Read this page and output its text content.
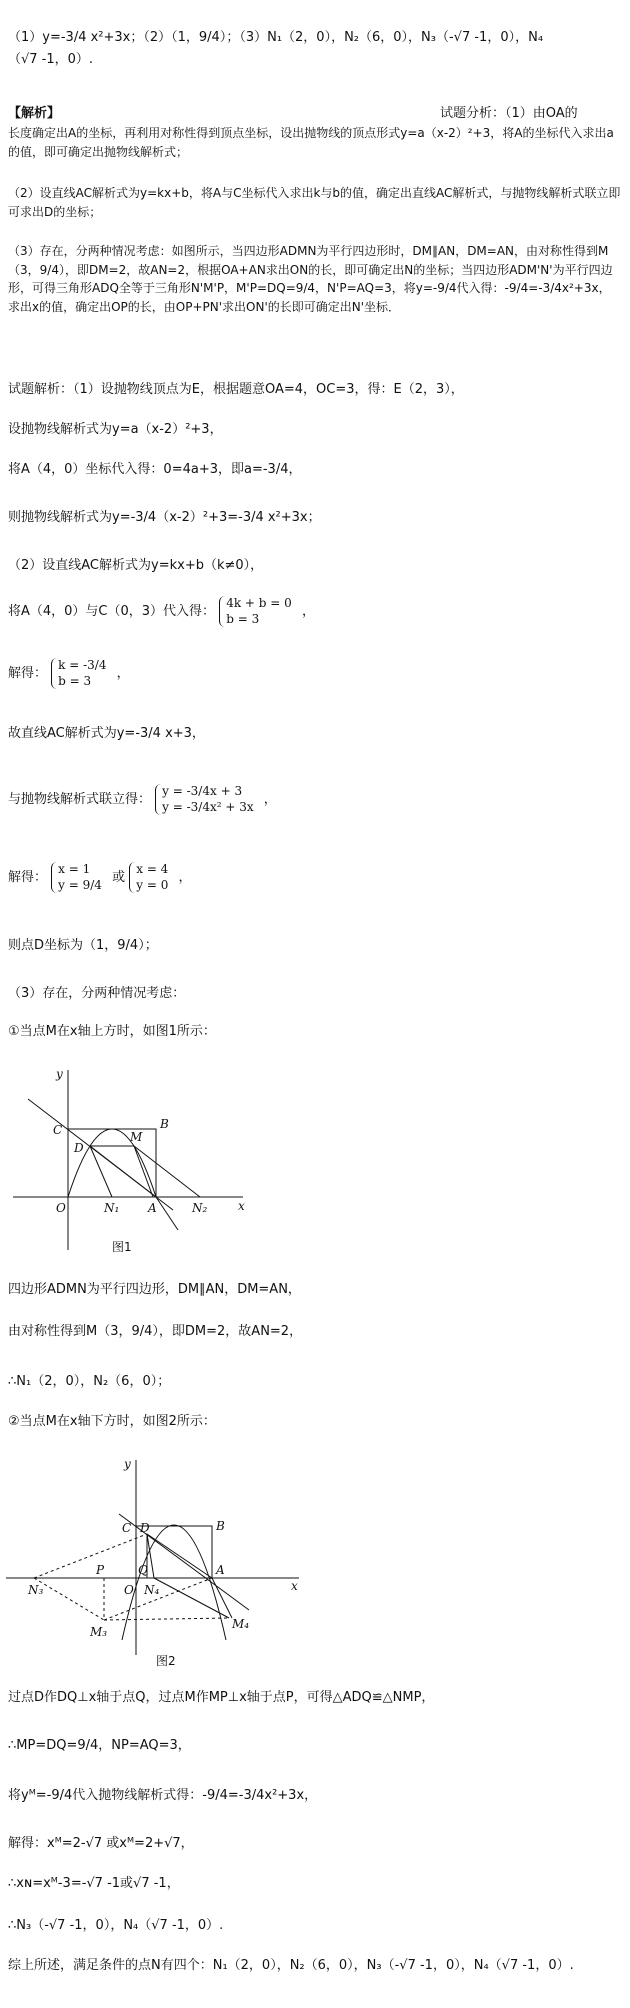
（1）y=-3/4 x²+3x；（2）（1，9/4）；（3）N₁（2，0），N₂（6，0），N₃（-√7 -1，0），N₄
（√7 -1，0）.
【解析】	试题分析：（1）由OA的
长度确定出A的坐标，再利用对称性得到顶点坐标，设出抛物线的顶点形式y=a（x-2）²+3，将A的坐标代入求出a的值，即可确定出抛物线解析式；
（2）设直线AC解析式为y=kx+b，将A与C坐标代入求出k与b的值，确定出直线AC解析式，与抛物线解析式联立即可求出D的坐标；
（3）存在，分两种情况考虑：如图所示，当四边形ADMN为平行四边形时，DM∥AN，DM=AN，由对称性得到M（3，9/4），即DM=2，故AN=2，根据OA+AN求出ON的长，即可确定出N的坐标；当四边形ADM'N'为平行四边形，可得三角形ADQ全等于三角形N'M'P，M'P=DQ=9/4，N'P=AQ=3，将y=-9/4代入得：-9/4=-3/4x²+3x，求出x的值，确定出OP的长，由OP+PN'求出ON'的长即可确定出N'坐标．
试题解析：（1）设抛物线顶点为E，根据题意OA=4，OC=3，得：E（2，3），
设抛物线解析式为y=a（x-2）²+3，
将A（4，0）坐标代入得：0=4a+3，即a=-3/4，
则抛物线解析式为y=-3/4（x-2）²+3=-3/4 x²+3x；
（2）设直线AC解析式为y=kx+b（k≠0），
将A（4，0）与C（0，3）代入得：
4k + b = 0
b = 3	，
解得：
k = -3/4
b = 3	，
故直线AC解析式为y=-3/4 x+3，
与抛物线解析式联立得：
y = -3/4x + 3
y = -3/4x² + 3x ，
解得：
x = 1
y = 9/4 或
x = 4
y = 0 ，
则点D坐标为（1，9/4）；
（3）存在，分两种情况考虑：
①当点M在x轴上方时，如图1所示：
y
x
C	B
D
M
O	N₁ A	N₂
图1
四边形ADMN为平行四边形，DM∥AN，DM=AN，
由对称性得到M（3，9/4），即DM=2，故AN=2，
∴N₁（2，0），N₂（6，0）；
②当点M在x轴下方时，如图2所示：
y
x
C	B
D
P	Q
O N₄
A
N₃
M₃
M₄
图2
过点D作DQ⊥x轴于点Q，过点M作MP⊥x轴于点P，可得△ADQ≌△NMP，
∴MP=DQ=9/4，NP=AQ=3，
将yᴹ=-9/4代入抛物线解析式得：-9/4=-3/4x²+3x，
解得：xᴹ=2-√7 或xᴹ=2+√7，
∴xɴ=xᴹ-3=-√7 -1或√7 -1，
∴N₃（-√7 -1，0），N₄（√7 -1，0）.
综上所述，满足条件的点N有四个：N₁（2，0），N₂（6，0），N₃（-√7 -1，0），N₄（√7 -1，0）.
